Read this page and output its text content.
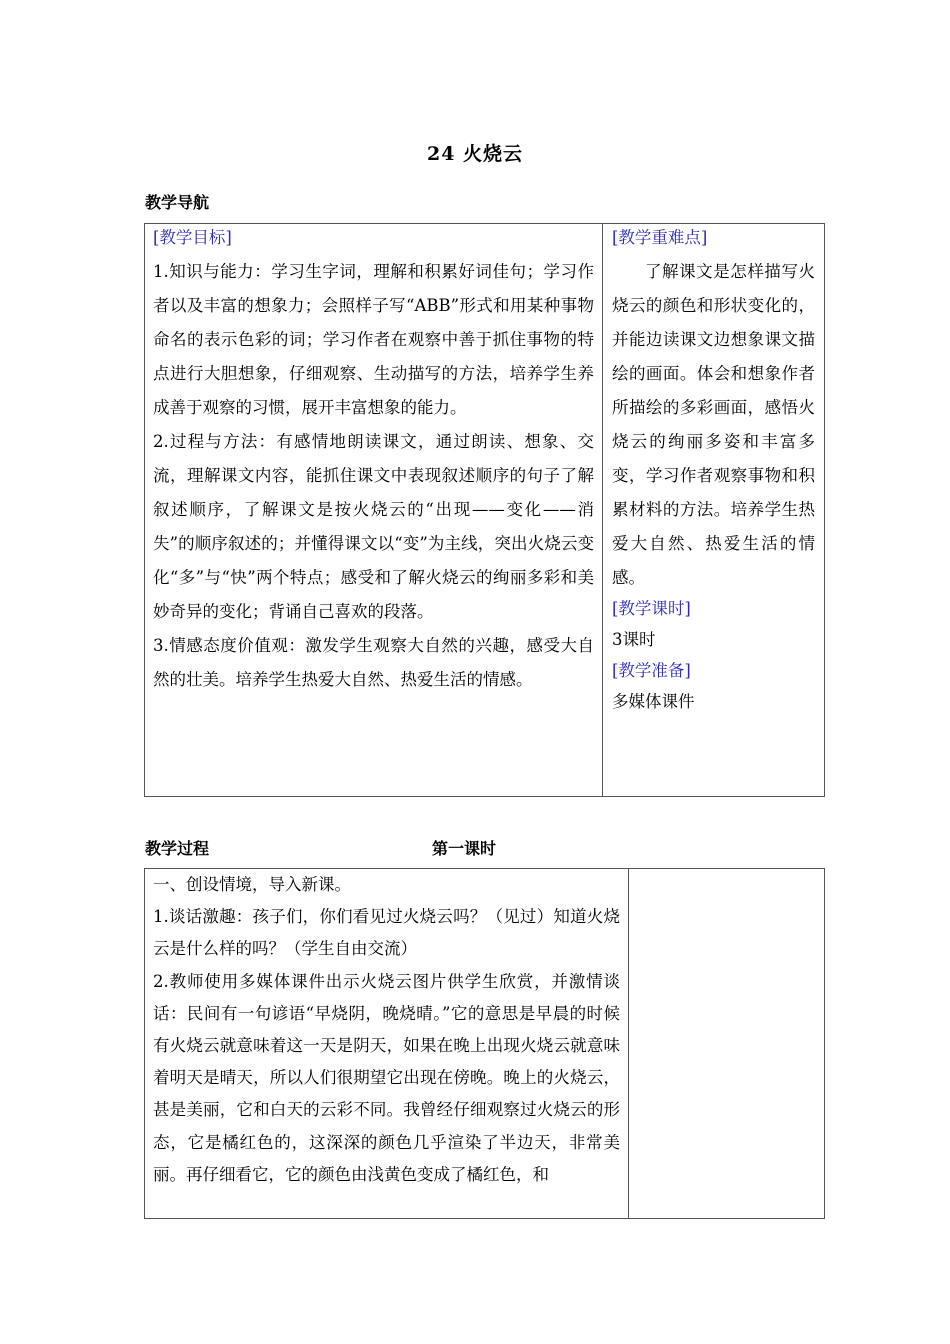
24 火烧云
教学导航
[教学目标]

1.知识与能力：学习生字词，理解和积累好词佳句；学习作者以及丰富的想象力；会照样子写“ABB”形式和用某种事物命名的表示色彩的词；学习作者在观察中善于抓住事物的特点进行大胆想象，仔细观察、生动描写的方法，培养学生养成善于观察的习惯，展开丰富想象的能力。

2.过程与方法：有感情地朗读课文，通过朗读、想象、交流，理解课文内容，能抓住课文中表现叙述顺序的句子了解叙述顺序，了解课文是按火烧云的“出现——变化——消失”的顺序叙述的；并懂得课文以“变”为主线，突出火烧云变化“多”与“快”两个特点；感受和了解火烧云的绚丽多彩和美妙奇异的变化；背诵自己喜欢的段落。

3.情感态度价值观：激发学生观察大自然的兴趣，感受大自然的壮美。培养学生热爱大自然、热爱生活的情感。

[教学重难点]

了解课文是怎样描写火烧云的颜色和形状变化的，并能边读课文边想象课文描绘的画面。体会和想象作者所描绘的多彩画面，感悟火烧云的绚丽多姿和丰富多变，学习作者观察事物和积累材料的方法。培养学生热爱大自然、热爱生活的情感。

[教学课时]
3课时
[教学准备]
多媒体课件
教学过程	第一课时

一、创设情境，导入新课。

1.谈话激趣：孩子们，你们看见过火烧云吗？（见过）知道火烧云是什么样的吗？（学生自由交流）

2.教师使用多媒体课件出示火烧云图片供学生欣赏，并激情谈话：民间有一句谚语“早烧阴，晚烧晴。”它的意思是早晨的时候有火烧云就意味着这一天是阴天，如果在晚上出现火烧云就意味着明天是晴天，所以人们很期望它出现在傍晚。晚上的火烧云，甚是美丽，它和白天的云彩不同。我曾经仔细观察过火烧云的形态，它是橘红色的，这深深的颜色几乎渲染了半边天，非常美丽。再仔细看它，它的颜色由浅黄色变成了橘红色，和
